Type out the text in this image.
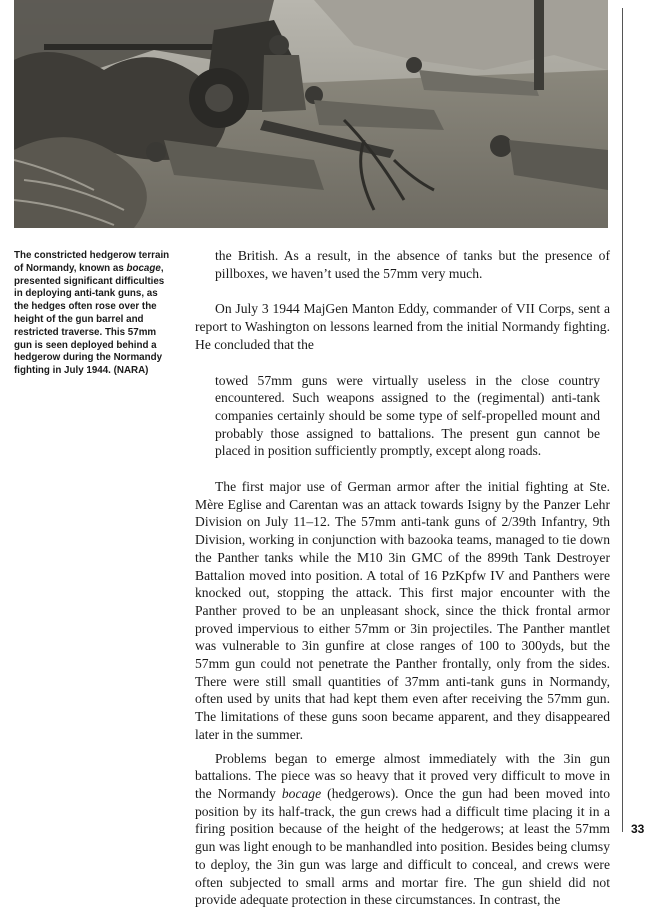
The constricted hedgerow terrain of Normandy, known as bocage, presented significant difficulties in deploying anti-tank guns, as the hedges often rose over the height of the gun barrel and restricted traverse. This 57mm gun is seen deployed behind a hedgerow during the Normandy fighting in July 1944. (NARA)

the British. As a result, in the absence of tanks but the presence of pillboxes, we haven’t used the 57mm very much.

On July 3 1944 MajGen Manton Eddy, commander of VII Corps, sent a report to Washington on lessons learned from the initial Normandy fighting. He concluded that the

towed 57mm guns were virtually useless in the close country encountered. Such weapons assigned to the (regimental) anti-tank companies certainly should be some type of self-propelled mount and probably those assigned to battalions. The present gun cannot be placed in position sufficiently promptly, except along roads.

The first major use of German armor after the initial fighting at Ste. Mère Eglise and Carentan was an attack towards Isigny by the Panzer Lehr Division on July 11–12. The 57mm anti-tank guns of 2/39th Infantry, 9th Division, working in conjunction with bazooka teams, managed to tie down the Panther tanks while the M10 3in GMC of the 899th Tank Destroyer Battalion moved into position. A total of 16 PzKpfw IV and Panthers were knocked out, stopping the attack. This first major encounter with the Panther proved to be an unpleasant shock, since the thick frontal armor proved impervious to either 57mm or 3in projectiles. The Panther mantlet was vulnerable to 3in gunfire at close ranges of 100 to 300yds, but the 57mm gun could not penetrate the Panther frontally, only from the sides. There were still small quantities of 37mm anti-tank guns in Normandy, often used by units that had kept them even after receiving the 57mm gun. The limitations of these guns soon became apparent, and they disappeared later in the summer.

Problems began to emerge almost immediately with the 3in gun battalions. The piece was so heavy that it proved very difficult to move in the Normandy bocage (hedgerows). Once the gun had been moved into position by its half-track, the gun crews had a difficult time placing it in a firing position because of the height of the hedgerows; at least the 57mm gun was light enough to be manhandled into position. Besides being clumsy to deploy, the 3in gun was large and difficult to conceal, and crews were often subjected to small arms and mortar fire. The gun shield did not provide adequate protection in these circumstances. In contrast, the

33
